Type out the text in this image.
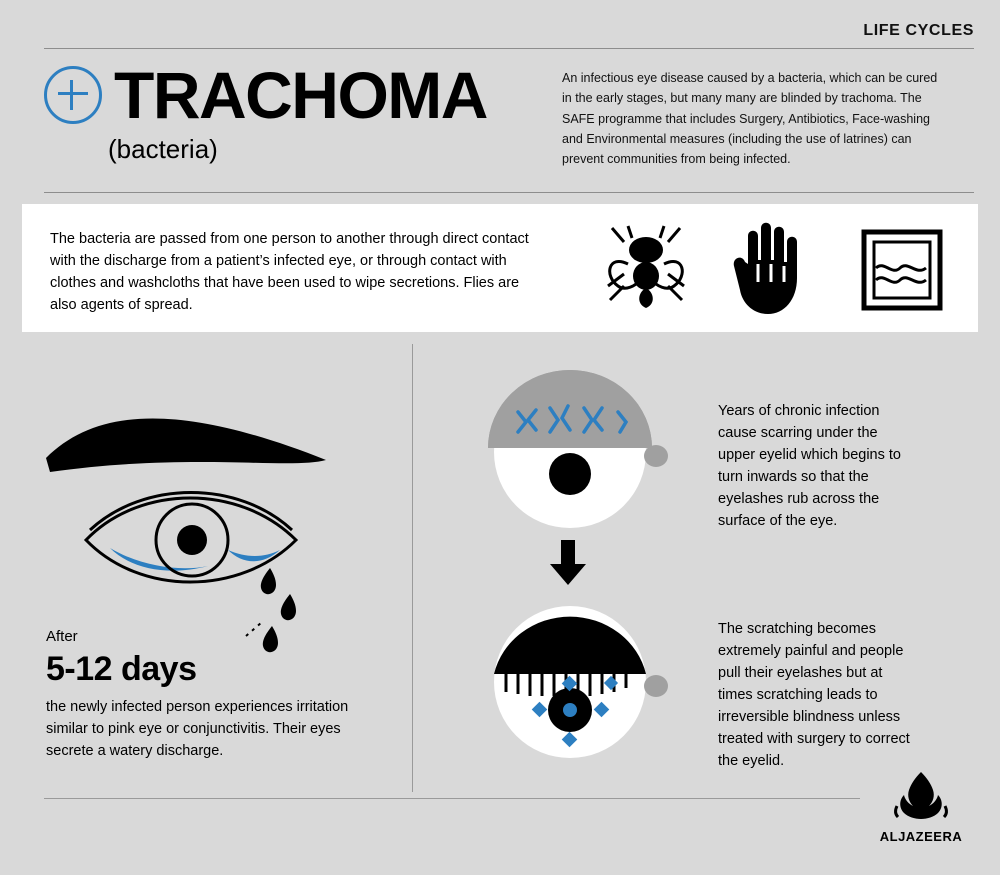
LIFE CYCLES
TRACHOMA
(bacteria)
An infectious eye disease caused by a bacteria, which can be cured in the early stages, but many many are blinded by trachoma. The SAFE programme that includes Surgery, Antibiotics, Face-washing and Environmental measures (including the use of latrines) can prevent communities from being infected.
The bacteria are passed from one person to another through direct contact with the discharge from a patient’s infected eye, or through contact with clothes and washcloths that have been used to wipe secretions. Flies are also agents of spread.
After
5-12 days
the newly infected person experiences irritation similar to pink eye or conjunctivitis. Their eyes secrete a watery discharge.
Years of chronic infection cause scarring under the upper eyelid which begins to turn inwards so that the eyelashes rub across the surface of the eye.
The scratching becomes extremely painful and people pull their eyelashes but at times scratching leads to irreversible blindness unless treated with surgery to correct the eyelid.
ALJAZEERA
